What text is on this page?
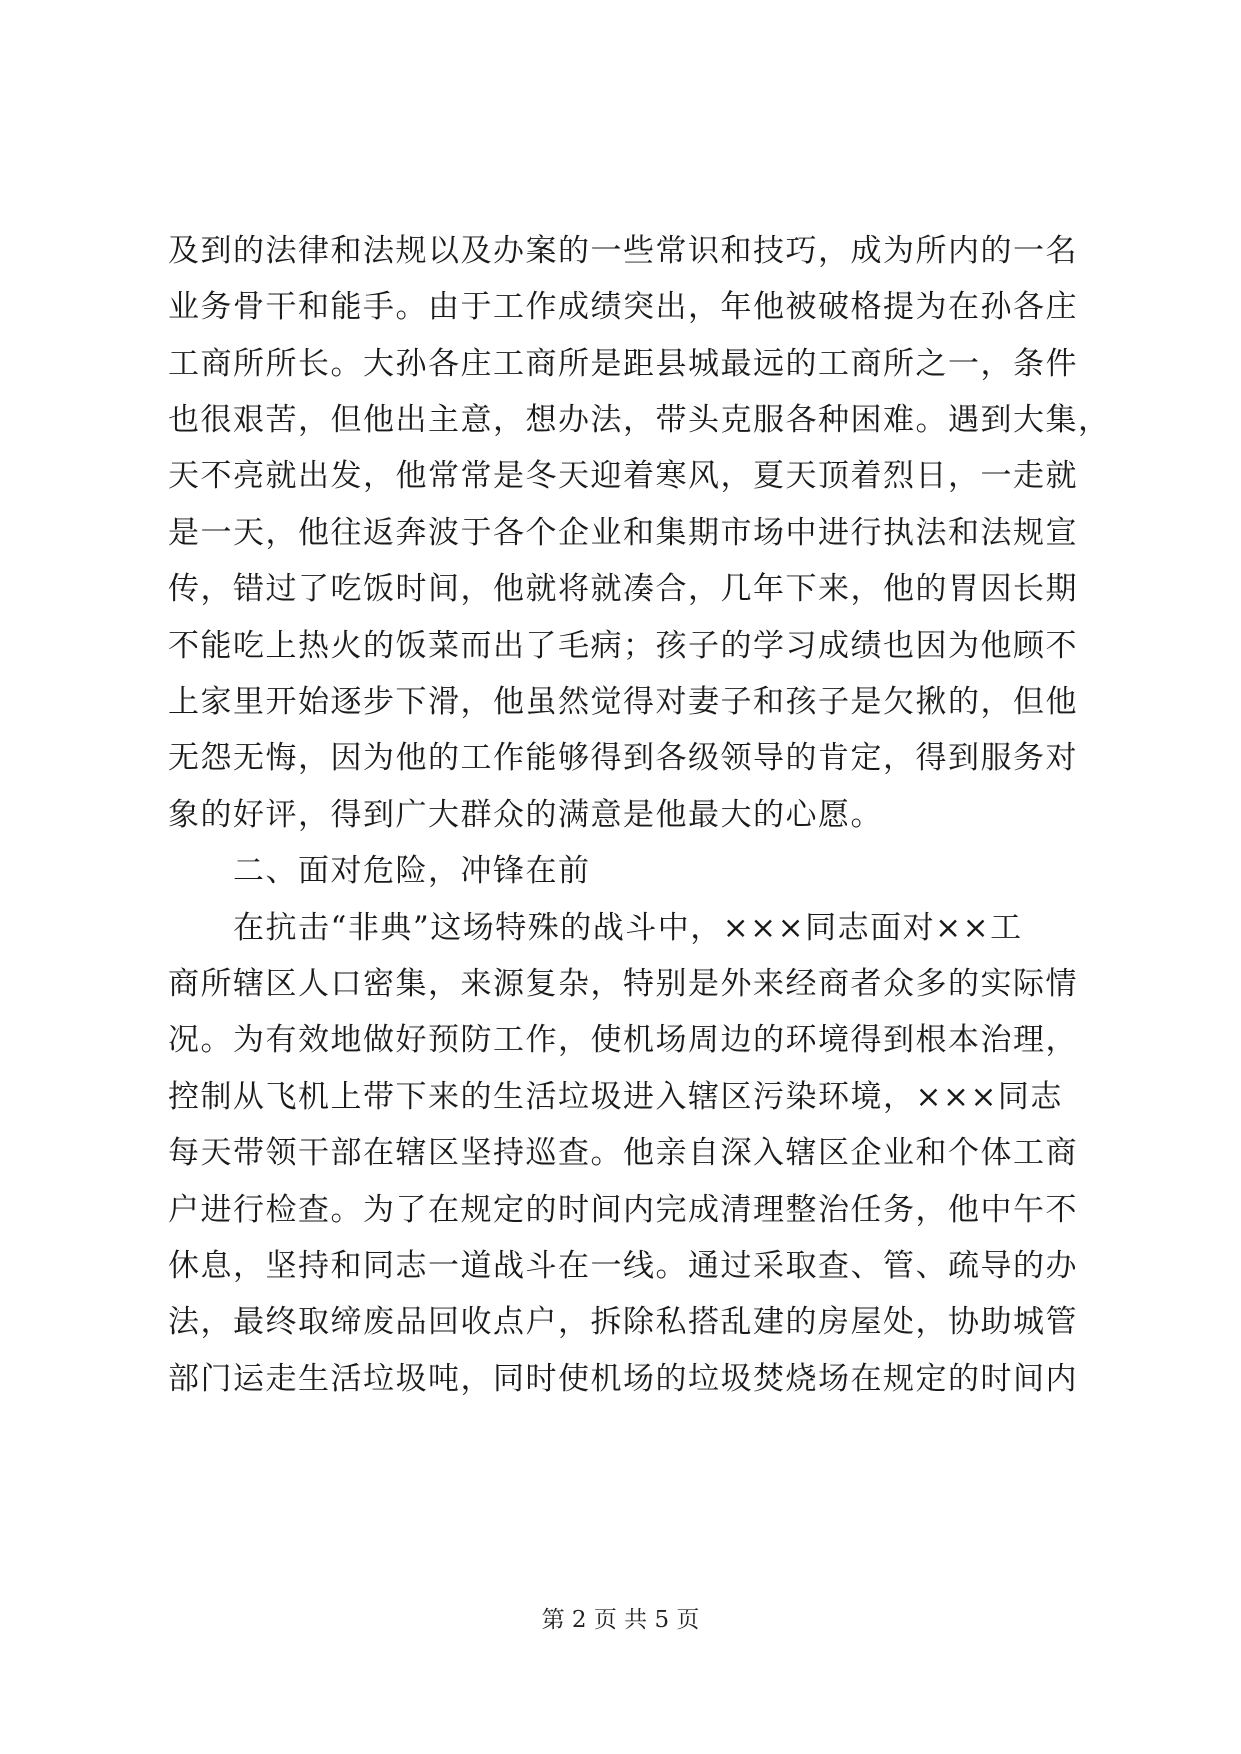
及到的法律和法规以及办案的一些常识和技巧，成为所内的一名
业务骨干和能手。由于工作成绩突出，年他被破格提为在孙各庄
工商所所长。大孙各庄工商所是距县城最远的工商所之一，条件
也很艰苦，但他出主意，想办法，带头克服各种困难。遇到大集，
天不亮就出发，他常常是冬天迎着寒风，夏天顶着烈日，一走就
是一天，他往返奔波于各个企业和集期市场中进行执法和法规宣
传，错过了吃饭时间，他就将就凑合，几年下来，他的胃因长期
不能吃上热火的饭菜而出了毛病；孩子的学习成绩也因为他顾不
上家里开始逐步下滑，他虽然觉得对妻子和孩子是欠揪的，但他
无怨无悔，因为他的工作能够得到各级领导的肯定，得到服务对
象的好评，得到广大群众的满意是他最大的心愿。
　　二、面对危险，冲锋在前
　　在抗击“非典”这场特殊的战斗中，×××同志面对××工
商所辖区人口密集，来源复杂，特别是外来经商者众多的实际情
况。为有效地做好预防工作，使机场周边的环境得到根本治理，
控制从飞机上带下来的生活垃圾进入辖区污染环境，×××同志
每天带领干部在辖区坚持巡查。他亲自深入辖区企业和个体工商
户进行检查。为了在规定的时间内完成清理整治任务，他中午不
休息，坚持和同志一道战斗在一线。通过采取查、管、疏导的办
法，最终取缔废品回收点户，拆除私搭乱建的房屋处，协助城管
部门运走生活垃圾吨，同时使机场的垃圾焚烧场在规定的时间内
第 2 页 共 5 页
